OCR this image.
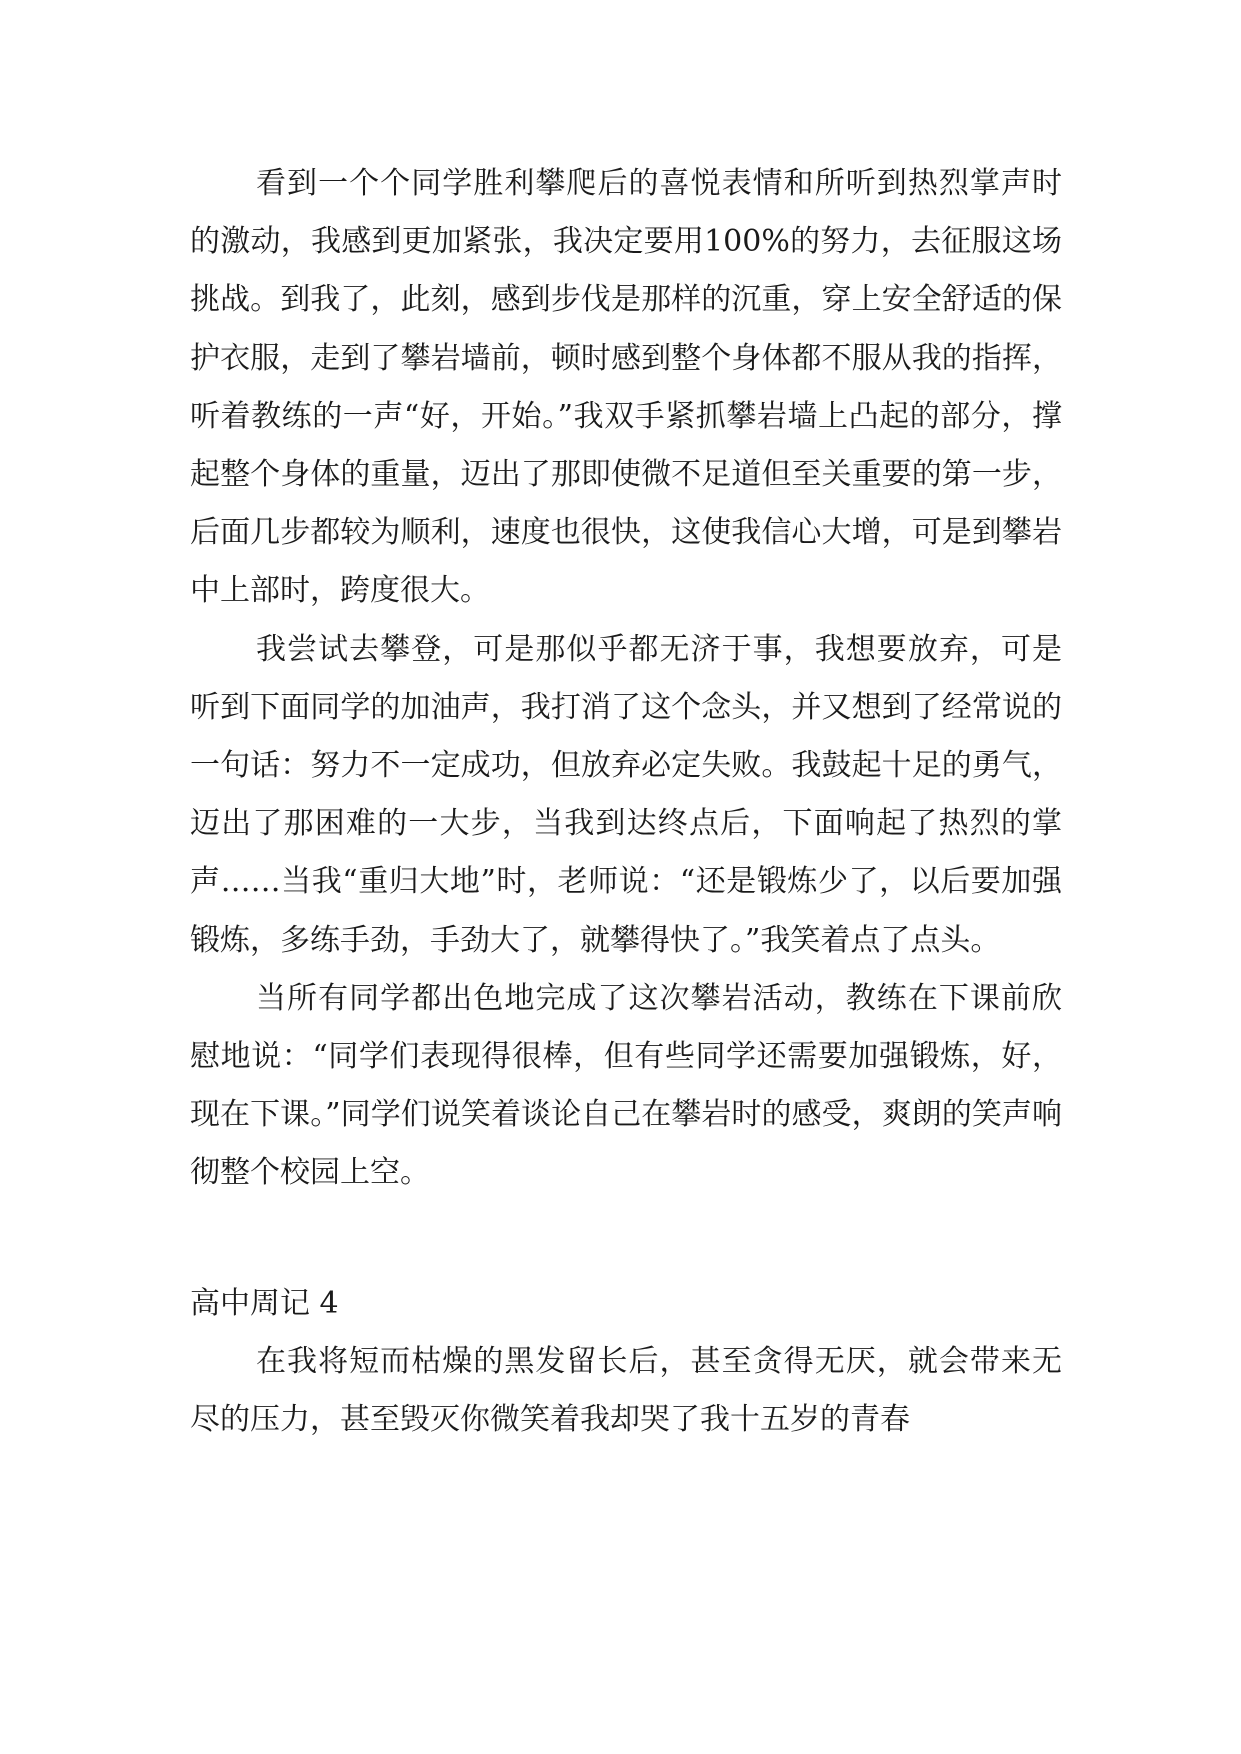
看到一个个同学胜利攀爬后的喜悦表情和所听到热烈掌声时的激动，我感到更加紧张，我决定要用100%的努力，去征服这场挑战。到我了，此刻，感到步伐是那样的沉重，穿上安全舒适的保护衣服，走到了攀岩墙前，顿时感到整个身体都不服从我的指挥，听着教练的一声“好，开始。”我双手紧抓攀岩墙上凸起的部分，撑起整个身体的重量，迈出了那即使微不足道但至关重要的第一步，后面几步都较为顺利，速度也很快，这使我信心大增，可是到攀岩中上部时，跨度很大。

我尝试去攀登，可是那似乎都无济于事，我想要放弃，可是听到下面同学的加油声，我打消了这个念头，并又想到了经常说的一句话：努力不一定成功，但放弃必定失败。我鼓起十足的勇气，迈出了那困难的一大步，当我到达终点后，下面响起了热烈的掌声……当我“重归大地”时，老师说：“还是锻炼少了，以后要加强锻炼，多练手劲，手劲大了，就攀得快了。”我笑着点了点头。

当所有同学都出色地完成了这次攀岩活动，教练在下课前欣慰地说：“同学们表现得很棒，但有些同学还需要加强锻炼，好，现在下课。”同学们说笑着谈论自己在攀岩时的感受，爽朗的笑声响彻整个校园上空。

高中周记 4

在我将短而枯燥的黑发留长后，甚至贪得无厌，就会带来无尽的压力，甚至毁灭你微笑着我却哭了我十五岁的青春
